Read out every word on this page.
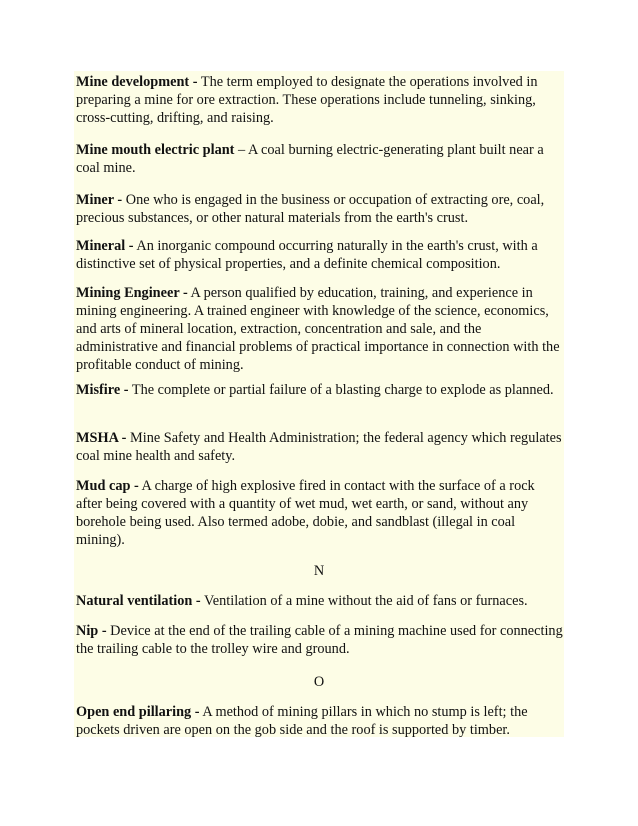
Mine development - The term employed to designate the operations involved in preparing a mine for ore extraction. These operations include tunneling, sinking, cross-cutting, drifting, and raising.

Mine mouth electric plant – A coal burning electric-generating plant built near a coal mine.

Miner - One who is engaged in the business or occupation of extracting ore, coal, precious substances, or other natural materials from the earth's crust.

Mineral - An inorganic compound occurring naturally in the earth's crust, with a distinctive set of physical properties, and a definite chemical composition.

Mining Engineer - A person qualified by education, training, and experience in mining engineering. A trained engineer with knowledge of the science, economics, and arts of mineral location, extraction, concentration and sale, and the administrative and financial problems of practical importance in connection with the profitable conduct of mining.

Misfire - The complete or partial failure of a blasting charge to explode as planned.

MSHA - Mine Safety and Health Administration; the federal agency which regulates coal mine health and safety.

Mud cap - A charge of high explosive fired in contact with the surface of a rock after being covered with a quantity of wet mud, wet earth, or sand, without any borehole being used. Also termed adobe, dobie, and sandblast (illegal in coal mining).

N

Natural ventilation - Ventilation of a mine without the aid of fans or furnaces.

Nip - Device at the end of the trailing cable of a mining machine used for connecting the trailing cable to the trolley wire and ground.

O

Open end pillaring - A method of mining pillars in which no stump is left; the pockets driven are open on the gob side and the roof is supported by timber.
